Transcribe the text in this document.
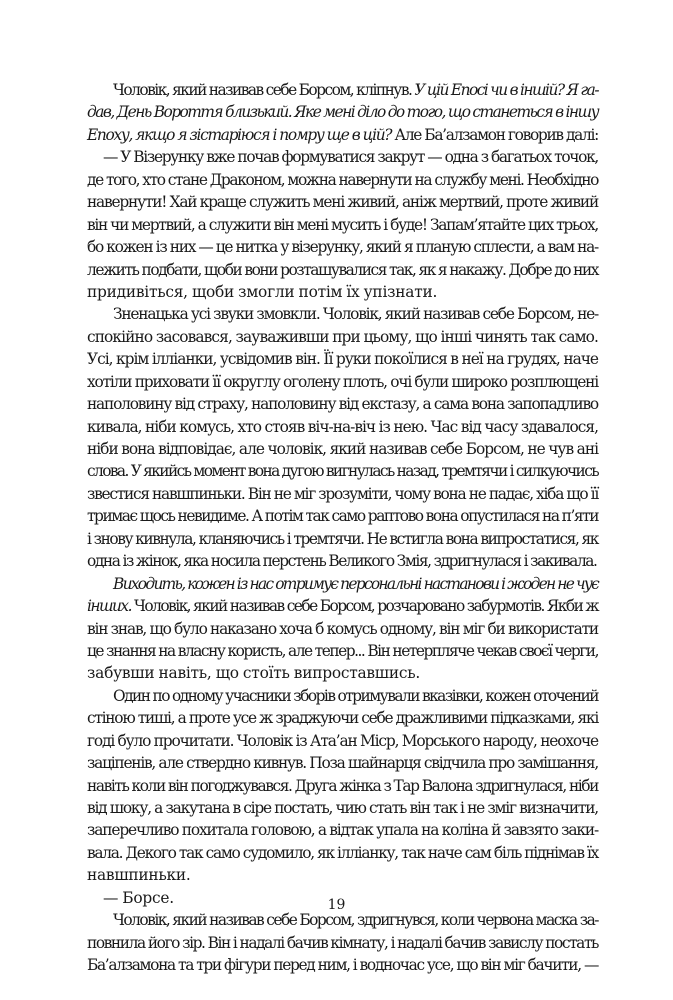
Чоловік, який називав себе Борсом, кліпнув. У цій Епосі чи в іншій? Я га-
дав, День Вороття близький. Яке мені діло до того, що станеться в іншу
Епоху, якщо я зістаріюся і помру ще в цій? Але Ба’алзамон говорив далі:
— У Візерунку вже почав формуватися закрут — одна з багатьох точок,
де того, хто стане Драконом, можна навернути на службу мені. Необхідно
навернути! Хай краще служить мені живий, аніж мертвий, проте живий
він чи мертвий, а служити він мені мусить і буде! Запам’ятайте цих трьох,
бо кожен із них — це нитка у візерунку, який я планую сплести, а вам на-
лежить подбати, щоби вони розташувалися так, як я накажу. Добре до них
придивіться, щоби змогли потім їх упізнати.
Зненацька усі звуки змовкли. Чоловік, який називав себе Борсом, не-
спокійно засовався, зауваживши при цьому, що інші чинять так само.
Усі, крім іллiанки, усвідомив він. Її руки покоїлися в неї на грудях, наче
хотіли приховати її округлу оголену плоть, очі були широко розплющені
наполовину від страху, наполовину від екстазу, а сама вона запопадливо
кивала, ніби комусь, хто стояв віч-на-віч із нею. Час від часу здавалося,
ніби вона відповідає, але чоловік, який називав себе Борсом, не чув ані
слова. У якийсь момент вона дугою вигнулась назад, тремтячи і силкуючись
звестися навшпиньки. Він не міг зрозуміти, чому вона не падає, хіба що її
тримає щось невидиме. А потім так само раптово вона опустилася на п’яти
і знову кивнула, кланяючись і тремтячи. Не встигла вона випростатися, як
одна із жінок, яка носила перстень Великого Змія, здригнулася і закивала.
Виходить, кожен із нас отримує персональні настанови і жоден не чує
інших. Чоловік, який називав себе Борсом, розчаровано забурмотів. Якби ж
він знав, що було наказано хоча б комусь одному, він міг би використати
це знання на власну користь, але тепер... Він нетерпляче чекав своєї черги,
забувши навіть, що стоїть випроставшись.
Один по одному учасники зборів отримували вказівки, кожен оточений
стіною тиші, а проте усе ж зраджуючи себе дражливими підказками, які
годі було прочитати. Чоловік із Ата’ан Міср, Морського народу, неохоче
заціпенів, але ствердно кивнув. Поза шайнарця свідчила про замішання,
навіть коли він погоджувався. Друга жінка з Тар Валона здригнулася, ніби
від шоку, а закутана в сіре постать, чию стать він так і не зміг визначити,
заперечливо похитала головою, а відтак упала на коліна й завзято заки-
вала. Декого так само судомило, як іллiанку, так наче сам біль піднімав їх
навшпиньки.
— Борсе.
Чоловік, який називав себе Борсом, здригнувся, коли червона маска за-
повнила його зір. Він і надалі бачив кімнату, і надалі бачив завислу постать
Ба’алзамона та три фігури перед ним, і водночас усе, що він міг бачити, —
19
